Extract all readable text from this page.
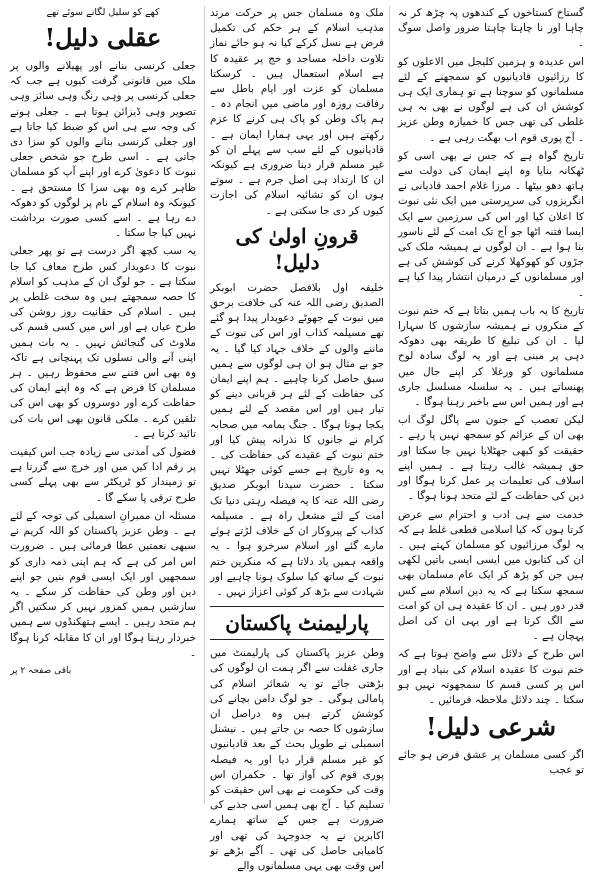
گستاخ کستاخوں کے کندھوں پہ چڑھ کر نہ چاہا اور نا چاہتا چاہتا ضرور واصل سوگ ۔

اس عدیدہ و ہزمین کلیجل میں الاعلوں کو کا رزائیوں قادیانیوں کو سمجھنے کے لئے مسلمانوں کو سوچنا ہے تو ہماری ایک ہی کوشش ان کی ہے لوگوں نے بھی بہ ہی غلطی کی تھی جس کا خمیازہ وطن عزیز ۔ آج پوری قوم اب بھگت رہی ہے ۔

تاریخ گواہ ہے کہ جس نے بھی اسی کو ٹھکانہ بنایا وہ اپنے ایمان کی دولت سے ہاتھ دھو بیٹھا ۔ مرزا غلام احمد قادیانی نے انگریزوں کی سرپرستی میں ایک نئی نبوت کا اعلان کیا اور اس کی سرزمین سے ایک ایسا فتنہ اٹھا جو آج تک امت کے لئے ناسور بنا ہوا ہے ۔ ان لوگوں نے ہمیشہ ملک کی جڑوں کو کھوکھلا کرنے کی کوشش کی ہے اور مسلمانوں کے درمیان انتشار پیدا کیا ہے ۔

تاریخ کا یہ باب ہمیں بتاتا ہے کہ ختم نبوت کے منکروں نے ہمیشہ سازشوں کا سہارا لیا ۔ ان کی تبلیغ کا طریقہ بھی دھوکہ دہی پر مبنی ہے اور یہ لوگ سادہ لوح مسلمانوں کو ورغلا کر اپنے جال میں پھنساتے ہیں ۔ یہ سلسلہ مسلسل جاری ہے اور ہمیں اس سے باخبر رہنا ہوگا ۔

لیکن تعصب کے جنون سے پاگل لوگ اب بھی ان کے عزائم کو سمجھ نہیں پا رہے ۔ حقیقت کو کبھی جھٹلایا نہیں جا سکتا اور حق ہمیشہ غالب رہتا ہے ۔ ہمیں اپنے اسلاف کی تعلیمات پر عمل کرنا ہوگا اور دین کی حفاظت کے لئے متحد ہونا ہوگا ۔

خدمت سے ہی ادب و احترام سے عرض کرتا ہوں کہ کیا اسلامی قطعی غلط ہے کہ یہ لوگ مرزائیوں کو مسلمان کہتے ہیں ۔ ان کی کتابوں میں ایسی ایسی باتیں لکھی ہیں جن کو پڑھ کر ایک عام مسلمان بھی سمجھ سکتا ہے کہ یہ دین اسلام سے کس قدر دور ہیں ۔ ان کا عقیدہ ہی ان کو امت سے الگ کرتا ہے اور یہی ان کی اصل پہچان ہے ۔

اس طرح کے دلائل سے واضح ہوتا ہے کہ ختم نبوت کا عقیدہ اسلام کی بنیاد ہے اور اس پر کسی قسم کا سمجھوتہ نہیں ہو سکتا ۔ چند دلائل ملاحظہ فرمائیں ۔

شرعی دلیل!

اگر کسی مسلمان پر عشق فرض ہو جائے تو عجب

ملک وہ مسلمان جس پر حرکت مرتد مذہب اسلام کے ہر حکم کی تکمیل فرض ہے نسل کرکے کیا نہ ہو جائے نماز تلاوت داخلہ مساجد و حج پر عقیدہ کا ہے اسلام استعمال ہیں ۔ کرسکتا مسلمان کو عزت اور ایام باطل سے رفاقت روزہ اور ماضی میں انجام دہ ۔ ہم پاک وطن کو پاک ہی کرنے کا عزم رکھتے ہیں اور یہی ہمارا ایمان ہے ۔ قادیانیوں کے لئے سب سے پہلے ان کو غیر مسلم قرار دینا ضروری ہے کیونکہ ان کا ارتداد ہی اصل جرم ہے ۔ سوتے ہوں ان کو تشائیہ اسلام کی اجازت کیوں کر دی جا سکتی ہے ۔

قرونِ اولیٰ کی دلیل!

خلیفہ اول بلافصل حضرت ابوبکر الصدیق رضی اللہ عنہ کی خلافت برحق میں نبوت کے جھوٹے دعویدار پیدا ہو گئے تھے مسیلمہ کذاب اور اس کی نبوت کے ماننے والوں کے خلاف جہاد کیا گیا ۔ یہ جو بے مثال ہو ان ہی لوگوں سے ہمیں سبق حاصل کرنا چاہیے ۔ ہم اپنے ایمان کی حفاظت کے لئے ہر قربانی دینے کو تیار ہیں اور اس مقصد کے لئے ہمیں یکجا ہونا ہوگا ۔ جنگ یمامہ میں صحابہ کرام نے جانوں کا نذرانہ پیش کیا اور ختم نبوت کے عقیدے کی حفاظت کی ۔ یہ وہ تاریخ ہے جسے کوئی جھٹلا نہیں سکتا ۔ حضرت سیدنا ابوبکر صدیق رضی اللہ عنہ کا یہ فیصلہ رہتی دنیا تک امت کے لئے مشعل راہ ہے ۔ مسیلمہ کذاب کے پیروکار ان کے خلاف لڑتے ہوئے مارے گئے اور اسلام سرخرو ہوا ۔ یہ واقعہ ہمیں یاد دلاتا ہے کہ منکرین ختم نبوت کے ساتھ کیا سلوک ہونا چاہیے اور شہادت سے بڑھ کر کوئی اعزاز نہیں ۔

پارلیمنٹ پاکستان

وطن عزیز پاکستان کی پارلیمنٹ میں جاری غفلت سے اگر ہمت ان لوگوں کی بڑھتی جائے تو یہ شعائر اسلام کی پامالی ہوگی ۔ جو لوگ دامن بچانے کی کوشش کرتے ہیں وہ دراصل ان سازشوں کا حصہ بن جاتے ہیں ۔ نیشنل اسمبلی نے طویل بحث کے بعد قادیانیوں کو غیر مسلم قرار دیا اور یہ فیصلہ پوری قوم کی آواز تھا ۔ حکمران اس وقت کی حکومت نے بھی اس حقیقت کو تسلیم کیا ۔ آج بھی ہمیں اسی جذبے کی ضرورت ہے جس کے ساتھ ہمارے اکابرین نے یہ جدوجہد کی تھی اور کامیابی حاصل کی تھی ۔ آگے بڑھے تو اس وقت بھی یہی مسلمانوں والے

کھے کو سلیل لگانے سوئے تھے
عقلی دلیل!

جعلی کرنسی بنانے اور پھیلانے والوں پر ملک میں قانونی گرفت کیوں ہے جب کہ جعلی کرنسی پر وہی رنگ وہی سائز وہی تصویر وہی ڈیزائن ہوتا ہے ۔ جعلی ہونے کی وجہ سے ہی اس کو ضبط کیا جاتا ہے اور جعلی کرنسی بنانے والوں کو سزا دی جاتی ہے ۔ اسی طرح جو شخص جعلی نبوت کا دعویٰ کرے اور اپنے آپ کو مسلمان ظاہر کرے وہ بھی سزا کا مستحق ہے ۔ کیونکہ وہ اسلام کے نام پر لوگوں کو دھوکہ دے رہا ہے ۔ اسے کسی صورت برداشت نہیں کیا جا سکتا ۔

یہ سب کچھ اگر درست ہے تو پھر جعلی نبوت کا دعویدار کس طرح معاف کیا جا سکتا ہے ۔ جو لوگ ان کے مذہب کو اسلام کا حصہ سمجھتے ہیں وہ سخت غلطی پر ہیں ۔ اسلام کی حقانیت روز روشن کی طرح عیاں ہے اور اس میں کسی قسم کی ملاوٹ کی گنجائش نہیں ۔ یہ بات ہمیں اپنی آنے والی نسلوں تک پہنچانی ہے تاکہ وہ بھی اس فتنے سے محفوظ رہیں ۔ ہر مسلمان کا فرض ہے کہ وہ اپنے ایمان کی حفاظت کرے اور دوسروں کو بھی اس کی تلقین کرے ۔ ملکی قانون بھی اس بات کی تائید کرتا ہے ۔

فضول کی آمدنی سے زیادہ جب اس کیفیت پر رقم ادا کیں میں اور خرچ سے گزرتا ہے تو زمیندار کو ٹریکٹر سے بھی پہلے کسی طرح ترقی پا سکے گا ۔

مسئلہ ان ممبرانِ اسمبلی کی توجہ کے لئے ہے ۔ وطن عزیز پاکستان کو اللہ کریم نے سبھی نعمتیں عطا فرمائی ہیں ۔ ضرورت اس امر کی ہے کہ ہم اپنی ذمہ داری کو سمجھیں اور ایک ایسی قوم بنیں جو اپنے دین اور وطن کی حفاظت کر سکے ۔ یہ سازشیں ہمیں کمزور نہیں کر سکتیں اگر ہم متحد رہیں ۔ ایسے ہتھکنڈوں سے ہمیں خبردار رہنا ہوگا اور ان کا مقابلہ کرنا ہوگا ۔

باقی صفحہ ۲ پر
